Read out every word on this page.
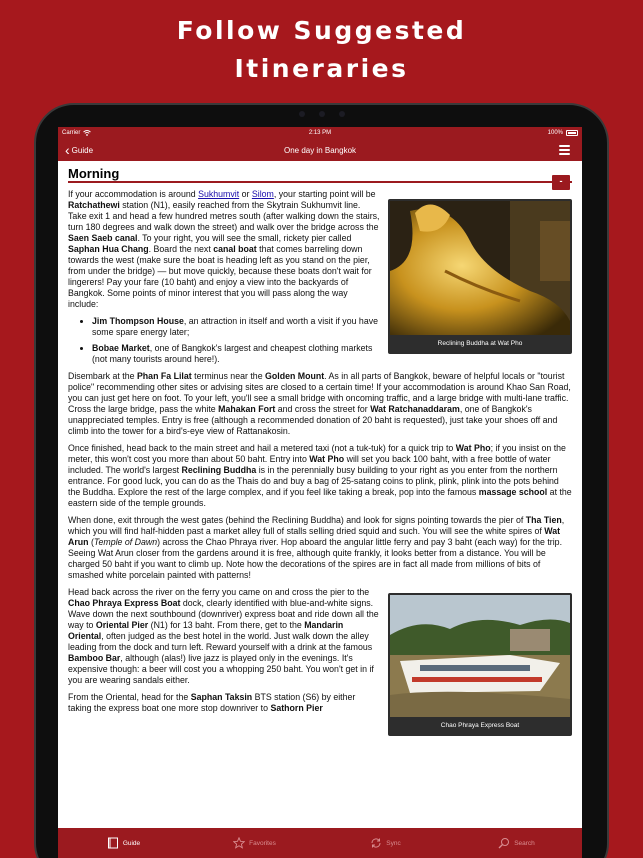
Follow Suggested
Itineraries
Carrier	2:13 PM	100%
‹ Guide	One day in Bangkok
Morning	-
Reclining Buddha at Wat Pho

If your accommodation is around Sukhumvit or Silom, your starting point will be Ratchathewi station (N1), easily reached from the Skytrain Sukhumvit line. Take exit 1 and head a few hundred metres south (after walking down the stairs, turn 180 degrees and walk down the street) and walk over the bridge across the Saen Saeb canal. To your right, you will see the small, rickety pier called Saphan Hua Chang. Board the next canal boat that comes barreling down towards the west (make sure the boat is heading left as you stand on the pier, from under the bridge) — but move quickly, because these boats don't wait for lingerers! Pay your fare (10 baht) and enjoy a view into the backyards of Bangkok. Some points of minor interest that you will pass along the way include:

• Jim Thompson House, an attraction in itself and worth a visit if you have some spare energy later;
• Bobae Market, one of Bangkok's largest and cheapest clothing markets (not many tourists around here!).

Disembark at the Phan Fa Lilat terminus near the Golden Mount. As in all parts of Bangkok, beware of helpful locals or "tourist police" recommending other sites or advising sites are closed to a certain time! If your accommodation is around Khao San Road, you can just get here on foot. To your left, you'll see a small bridge with oncoming traffic, and a large bridge with multi-lane traffic. Cross the large bridge, pass the white Mahakan Fort and cross the street for Wat Ratchanaddaram, one of Bangkok's unappreciated temples. Entry is free (although a recommended donation of 20 baht is requested), just take your shoes off and climb into the tower for a bird's-eye view of Rattanakosin.

Once finished, head back to the main street and hail a metered taxi (not a tuk-tuk) for a quick trip to Wat Pho; if you insist on the meter, this won't cost you more than about 50 baht. Entry into Wat Pho will set you back 100 baht, with a free bottle of water included. The world's largest Reclining Buddha is in the perennially busy building to your right as you enter from the northern entrance. For good luck, you can do as the Thais do and buy a bag of 25-satang coins to plink, plink, plink into the pots behind the Buddha. Explore the rest of the large complex, and if you feel like taking a break, pop into the famous massage school at the eastern side of the temple grounds.

When done, exit through the west gates (behind the Reclining Buddha) and look for signs pointing towards the pier of Tha Tien, which you will find half-hidden past a market alley full of stalls selling dried squid and such. You will see the white spires of Wat Arun (Temple of Dawn) across the Chao Phraya river. Hop aboard the angular little ferry and pay 3 baht (each way) for the trip. Seeing Wat Arun closer from the gardens around it is free, although quite frankly, it looks better from a distance. You will be charged 50 baht if you want to climb up. Note how the decorations of the spires are in fact all made from millions of bits of smashed white porcelain painted with patterns!

Chao Phraya Express Boat

Head back across the river on the ferry you came on and cross the pier to the Chao Phraya Express Boat dock, clearly identified with blue-and-white signs. Wave down the next southbound (downriver) express boat and ride down all the way to Oriental Pier (N1) for 13 baht. From there, get to the Mandarin Oriental, often judged as the best hotel in the world. Just walk down the alley leading from the dock and turn left. Reward yourself with a drink at the famous Bamboo Bar, although (alas!) live jazz is played only in the evenings. It's expensive though: a beer will cost you a whopping 250 baht. You won't get in if you are wearing sandals either.

From the Oriental, head for the Saphan Taksin BTS station (S6) by either taking the express boat one more stop downriver to Sathorn Pier

Guide	Favorites	Sync	Search
